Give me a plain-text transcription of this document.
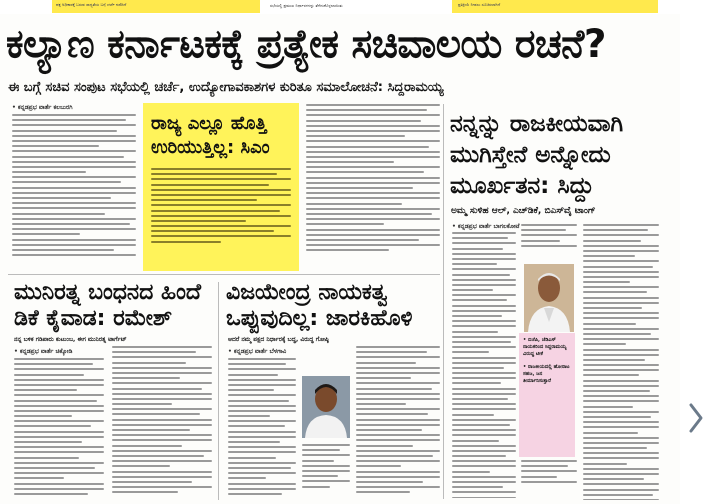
ಪಕ್ಷ ಅಧಿಕಾರಕ್ಕೆ ಬರುವ ಸಾಧ್ಯತೆಯ ಬಗ್ಗೆ ಚರ್ಚೆ ನಡೆದಿದೆ	ಸಭೆಯಲ್ಲಿ ಪ್ರಮುಖ ನಿರ್ಧಾರಗಳನ್ನು ತೆಗೆದುಕೊಳ್ಳಲಾಯಿತು	ಪ್ರತಿಕ್ರಿಯೆ ನೀಡಲು ಸೂಚಿಸಲಾಗಿದೆ
ಕಲ್ಯಾಣ ಕರ್ನಾಟಕಕ್ಕೆ ಪ್ರತ್ಯೇಕ ಸಚಿವಾಲಯ ರಚನೆ?
ಈ ಬಗ್ಗೆ ಸಚಿವ ಸಂಪುಟ ಸಭೆಯಲ್ಲಿ ಚರ್ಚೆ, ಉದ್ಯೋಗಾವಕಾಶಗಳ ಕುರಿತೂ ಸಮಾಲೋಚನೆ: ಸಿದ್ದರಾಮಯ್ಯ
• ಕನ್ನಡಪ್ರಭ ವಾರ್ತೆ ಕಲಬುರಗಿ
ರಾಜ್ಯ ಎಲ್ಲೂ ಹೊತ್ತಿ ಉರಿಯುತ್ತಿಲ್ಲ: ಸಿಎಂ
ನನ್ನನ್ನು ರಾಜಕೀಯವಾಗಿ ಮುಗಿಸ್ತೇನೆ ಅನ್ನೋದು ಮೂರ್ಖತನ: ಸಿದ್ದು
ಅಮ್ಮ ಸುಳಿಹ ಆಲ್, ಎಚ್‌ಡಿಕೆ, ಬಿಎಸ್‌ವೈ ಟಾಂಗ್
• ಕನ್ನಡಪ್ರಭ ವಾರ್ತೆ ಬಾಗಲಕೋಟೆ
• ಬಿಜೆಪಿ, ಜೆಡಿಎಸ್ ನಾಯಕರಿಂದ ಸಿದ್ದರಾಮಯ್ಯ ವಿರುದ್ಧ ಟೀಕೆ
• ರಾಜಕೀಯದಲ್ಲಿ ಹೋರಾಟ ಸಹಜ, ಜನ ತೀರ್ಮಾನಿಸುತ್ತಾರೆ
ಮುನಿರತ್ನ ಬಂಧನದ ಹಿಂದೆ
ಡಿಕೆ ಕೈವಾಡ: ರಮೇಶ್
ನನ್ನ ಬಳಿಕ ಗಡಿಪಾರು ಕುಟುಂಬ, ಈಗ ಮುನಿರತ್ನ ಟಾರ್ಗೆಟ್
• ಕನ್ನಡಪ್ರಭ ವಾರ್ತೆ ಚಿಕ್ಕೋಡಿ
ವಿಜಯೇಂದ್ರ ನಾಯಕತ್ವ
ಒಪ್ಪುವುದಿಲ್ಲ: ಜಾರಕಿಹೊಳಿ
ಆದರೆ ನಮ್ಮ ಪಕ್ಷದ ನಿರ್ಧಾರಕ್ಕೆ ಬದ್ಧ, ವಿರುದ್ಧ ಗೋಷ್ಠಿ
• ಕನ್ನಡಪ್ರಭ ವಾರ್ತೆ ಬೆಳಗಾವಿ
